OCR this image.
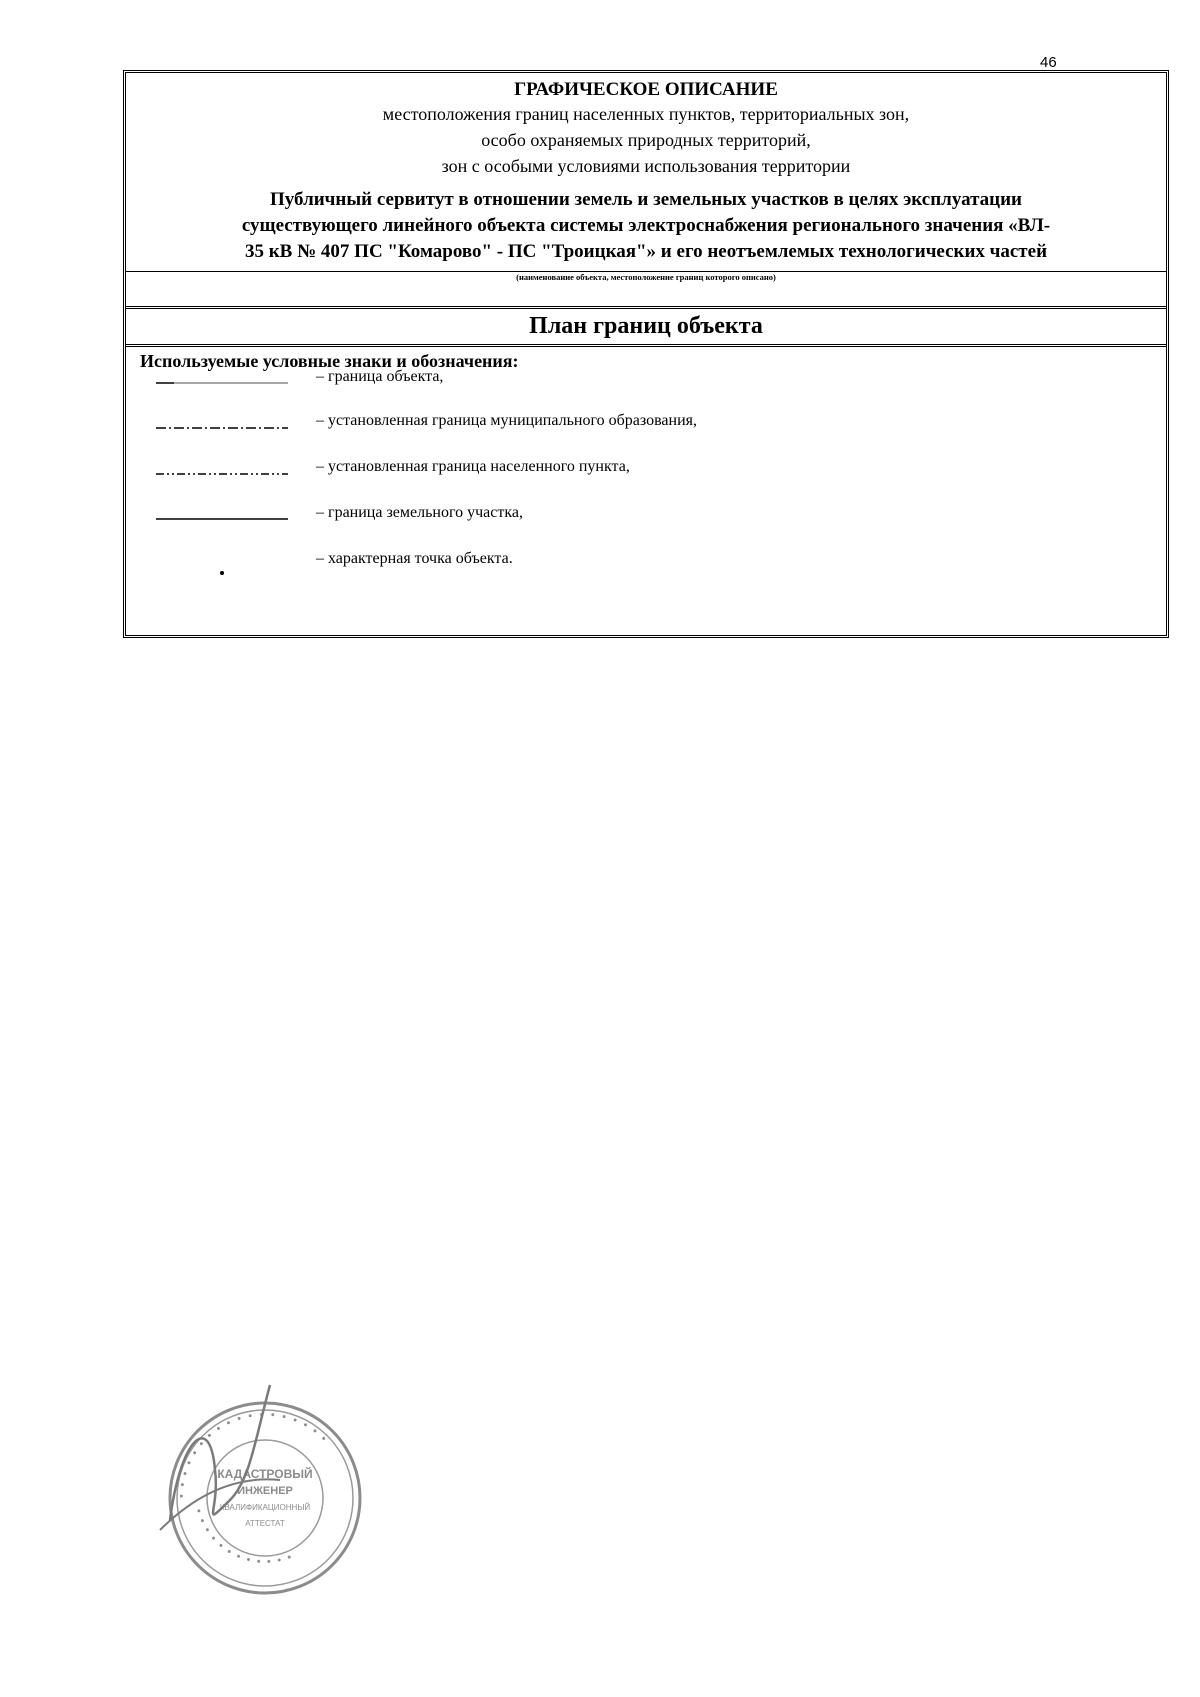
46
ГРАФИЧЕСКОЕ ОПИСАНИЕ
местоположения границ населенных пунктов, территориальных зон,
особо охраняемых природных территорий,
зон с особыми условиями использования территории
Публичный сервитут в отношении земель и земельных участков в целях эксплуатации
существующего линейного объекта системы электроснабжения регионального значения «ВЛ-
35 кВ № 407 ПС "Комарово" - ПС "Троицкая"» и его неотъемлемых технологических частей
(наименование объекта, местоположение границ которого описано)
План границ объекта
Используемые условные знаки и обозначения:
– граница объекта,
– установленная граница муниципального образования,
– установленная граница населенного пункта,
– граница земельного участка,
– характерная точка объекта.
• • • • • • • • • • • • • • • • • •
• • • • • • • • • • • •
КАДАСТРОВЫЙ
ИНЖЕНЕР
КВАЛИФИКАЦИОННЫЙ
АТТЕСТАТ
